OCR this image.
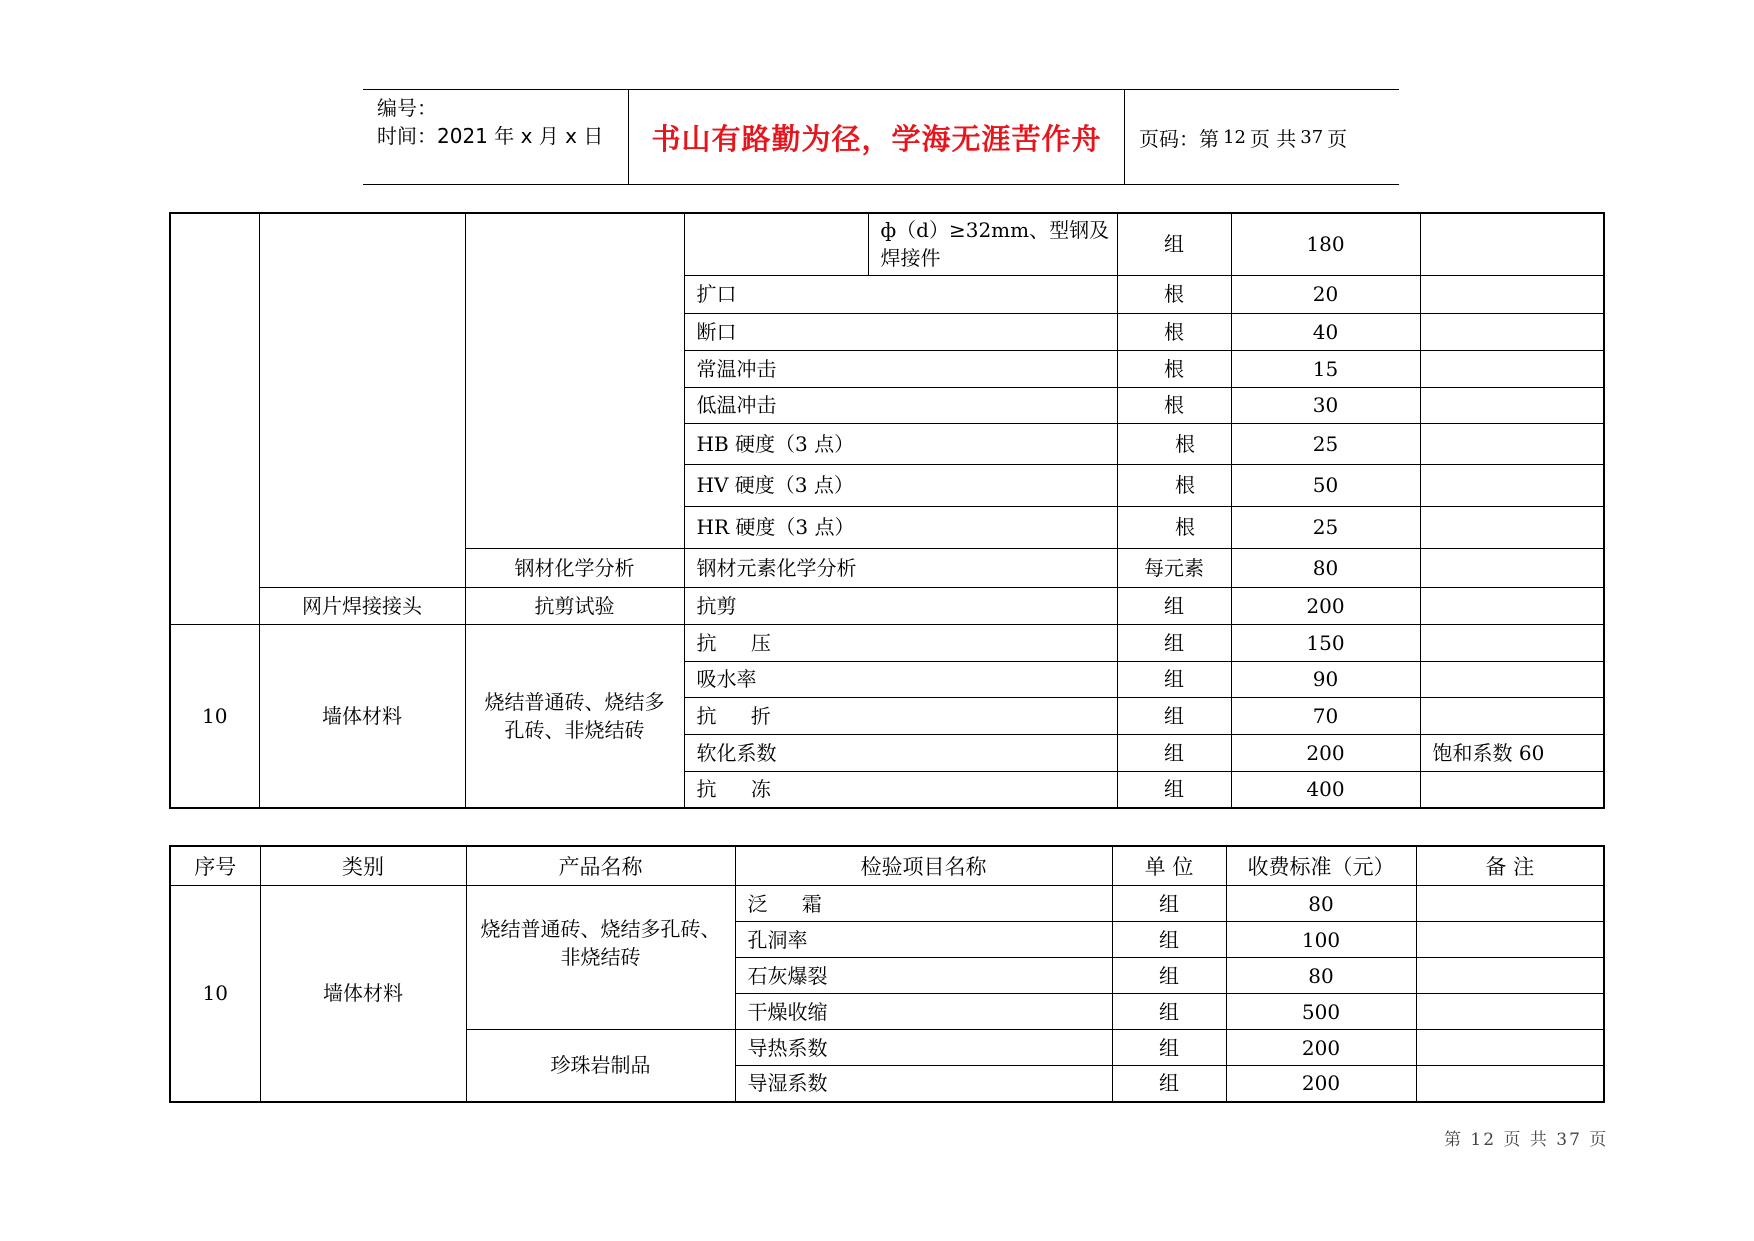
编号：
时间：2021 年 x 月 x 日	书山有路勤为径，学海无涯苦作舟	页码：第 12 页 共 37 页
				ф（d）≥32mm、型钢及焊接件	组	180	
			扩口		根	20	
			断口		根	40	
			常温冲击		根	15	
			低温冲击		根	30	
			HB 硬度（3 点）		根	25	
			HV 硬度（3 点）		根	50	
			HR 硬度（3 点）		根	25	
		钢材化学分析	钢材元素化学分析		每元素	80	
	网片焊接接头	抗剪试验	抗剪		组	200	
10	墙体材料	烧结普通砖、烧结多孔砖、非烧结砖	抗 压		组	150	
			吸水率		组	90	
			抗 折		组	70	
			软化系数		组	200	饱和系数 60
			抗 冻		组	400	
序号	类别	产品名称	检验项目名称	单 位	收费标准（元）	备 注
10	墙体材料	烧结普通砖、烧结多孔砖、非烧结砖	泛 霜	组	80	
			孔洞率	组	100	
			石灰爆裂	组	80	
			干燥收缩	组	500	
		珍珠岩制品	导热系数	组	200	
			导湿系数	组	200	
第 12 页 共 37 页
